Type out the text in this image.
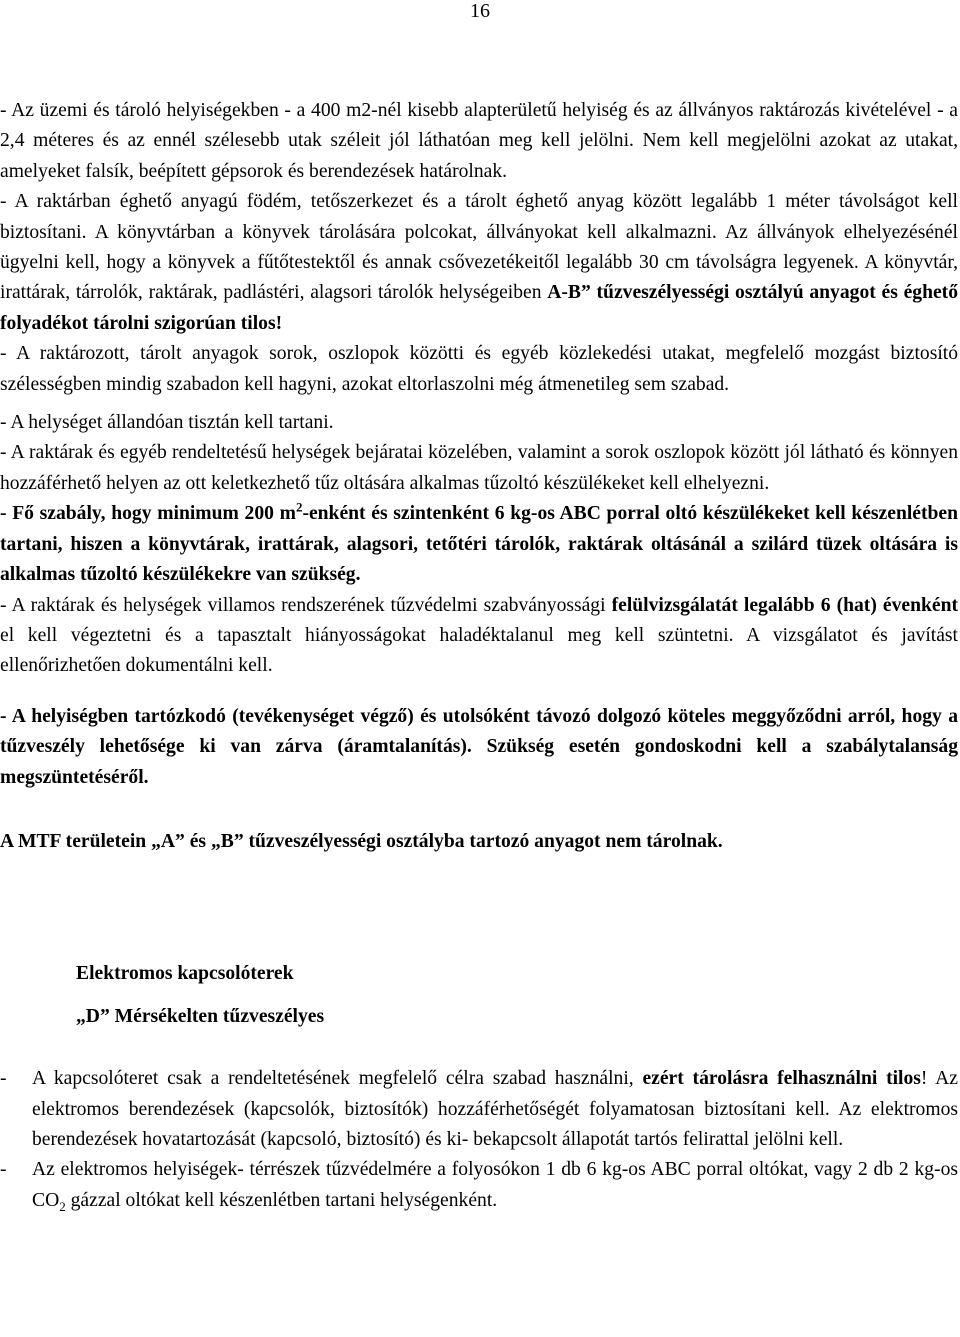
16

- Az üzemi és tároló helyiségekben - a 400 m2-nél kisebb alapterületű helyiség és az állványos raktározás kivételével - a 2,4 méteres és az ennél szélesebb utak széleit jól láthatóan meg kell jelölni. Nem kell megjelölni azokat az utakat, amelyeket falsík, beépített gépsorok és berendezések határolnak.

- A raktárban éghető anyagú födém, tetőszerkezet és a tárolt éghető anyag között legalább 1 méter távolságot kell biztosítani. A könyvtárban a könyvek tárolására polcokat, állványokat kell alkalmazni. Az állványok elhelyezésénél ügyelni kell, hogy a könyvek a fűtőtestektől és annak csővezetékeitől legalább 30 cm távolságra legyenek. A könyvtár, irattárak, tárrolók, raktárak, padlástéri, alagsori tárolók helységeiben A-B” tűzveszélyességi osztályú anyagot és éghető folyadékot tárolni szigorúan tilos!

- A raktározott, tárolt anyagok sorok, oszlopok közötti és egyéb közlekedési utakat, megfelelő mozgást biztosító szélességben mindig szabadon kell hagyni, azokat eltorlaszolni még átmenetileg sem szabad.

- A helységet állandóan tisztán kell tartani.

- A raktárak és egyéb rendeltetésű helységek bejáratai közelében, valamint a sorok oszlopok között jól látható és könnyen hozzáférhető helyen az ott keletkezhető tűz oltására alkalmas tűzoltó készülékeket kell elhelyezni.

- Fő szabály, hogy minimum 200 $m^2$-enként és szintenként 6 kg-os ABC porral oltó készülékeket kell készenlétben tartani, hiszen a könyvtárak, irattárak, alagsori, tetőtéri tárolók, raktárak oltásánál a szilárd tüzek oltására is alkalmas tűzoltó készülékekre van szükség.

- A raktárak és helységek villamos rendszerének tűzvédelmi szabványossági felülvizsgálatát legalább 6 (hat) évenként el kell végeztetni és a tapasztalt hiányosságokat haladéktalanul meg kell szüntetni. A vizsgálatot és javítást ellenőrizhetően dokumentálni kell.

- A helyiségben tartózkodó (tevékenységet végző) és utolsóként távozó dolgozó köteles meggyőződni arról, hogy a tűzveszély lehetősége ki van zárva (áramtalanítás). Szükség esetén gondoskodni kell a szabálytalanság megszüntetéséről.

A MTF területein „A” és „B” tűzveszélyességi osztályba tartozó anyagot nem tárolnak.

Elektromos kapcsolóterek

„D” Mérsékelten tűzveszélyes

-	A kapcsolóteret csak a rendeltetésének megfelelő célra szabad használni, ezért tárolásra felhasználni tilos! Az elektromos berendezések (kapcsolók, biztosítók) hozzáférhetőségét folyamatosan biztosítani kell. Az elektromos berendezések hovatartozását (kapcsoló, biztosító) és ki- bekapcsolt állapotát tartós felirattal jelölni kell.
-	Az elektromos helyiségek- térrészek tűzvédelmére a folyosókon 1 db 6 kg-os ABC porral oltókat, vagy 2 db 2 kg-os $CO_2$ gázzal oltókat kell készenlétben tartani helységenként.
